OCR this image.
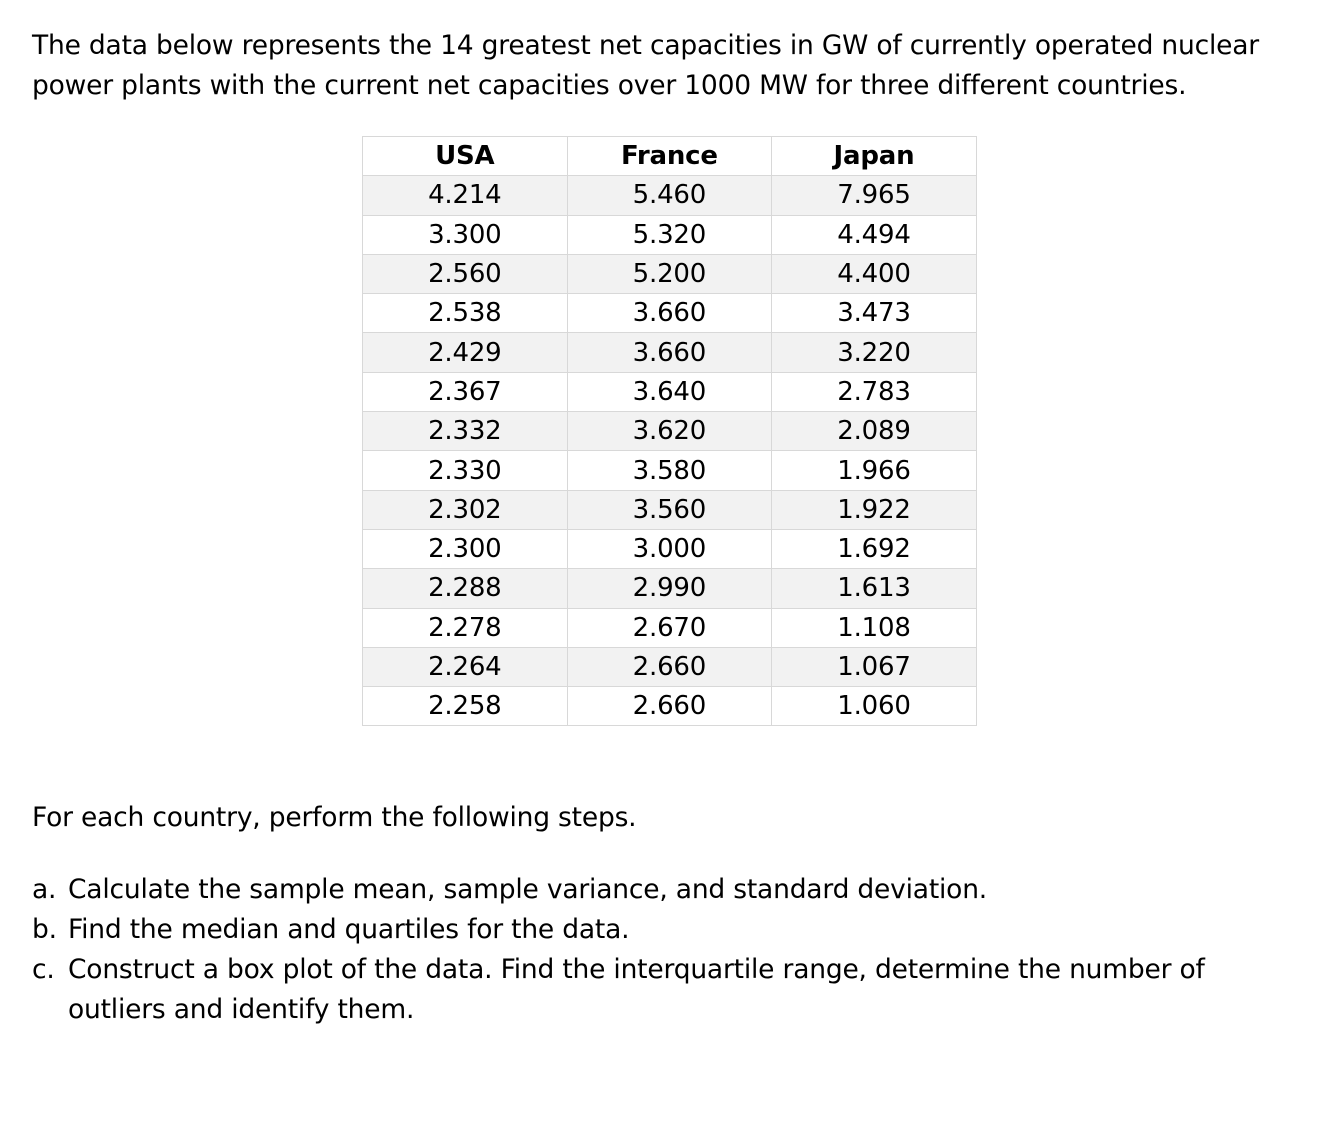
The data below represents the 14 greatest net capacities in GW of currently operated nuclear power plants with the current net capacities over 1000 MW for three different countries.

USA	France	Japan
4.214	5.460	7.965
3.300	5.320	4.494
2.560	5.200	4.400
2.538	3.660	3.473
2.429	3.660	3.220
2.367	3.640	2.783
2.332	3.620	2.089
2.330	3.580	1.966
2.302	3.560	1.922
2.300	3.000	1.692
2.288	2.990	1.613
2.278	2.670	1.108
2.264	2.660	1.067
2.258	2.660	1.060

For each country, perform the following steps.

a. Calculate the sample mean, sample variance, and standard deviation.
b. Find the median and quartiles for the data.
c. Construct a box plot of the data. Find the interquartile range, determine the number of outliers and identify them.
